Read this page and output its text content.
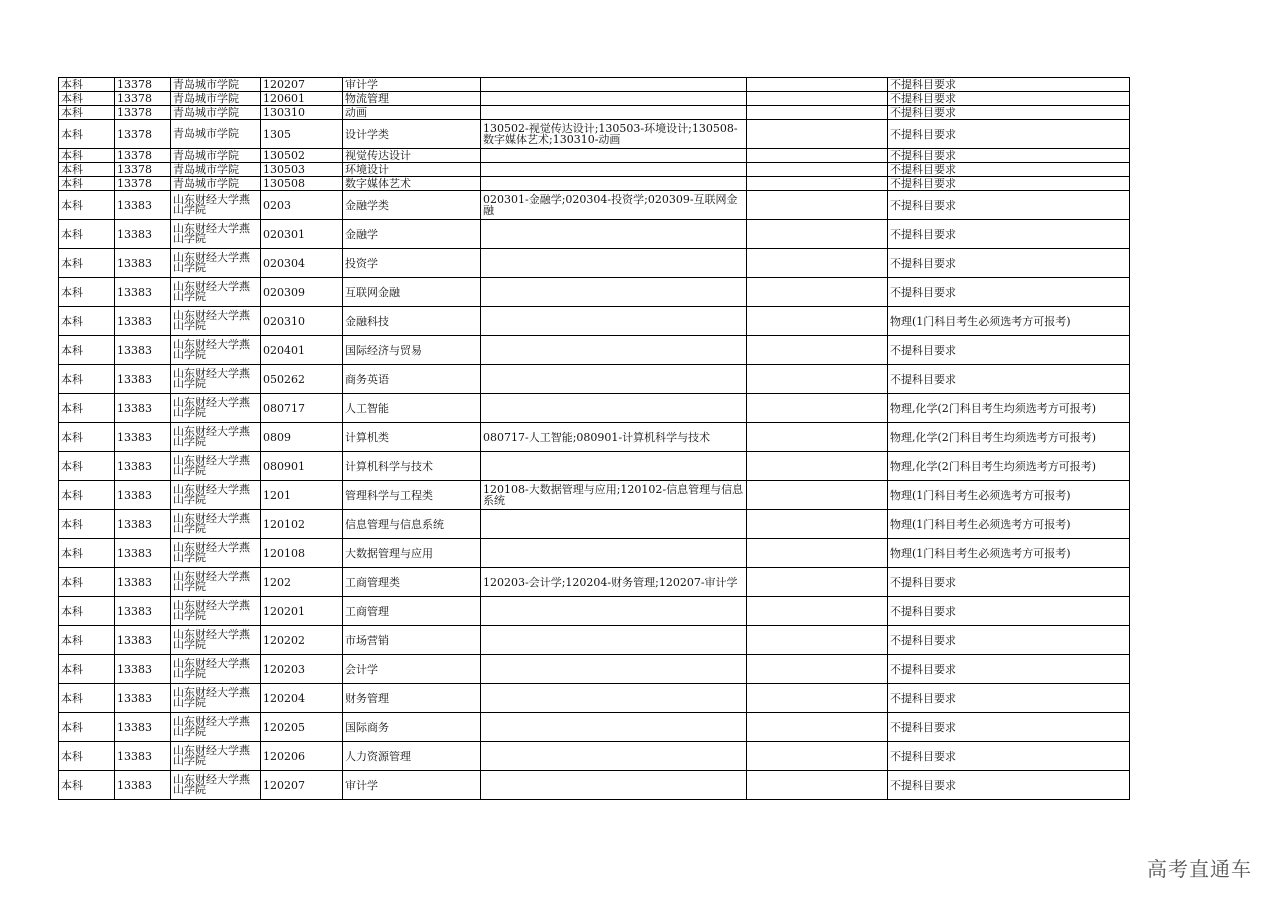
本科	13378	青岛城市学院	120207	审计学			不提科目要求
本科	13378	青岛城市学院	120601	物流管理			不提科目要求
本科	13378	青岛城市学院	130310	动画			不提科目要求
本科	13378	青岛城市学院	1305	设计学类	130502-视觉传达设计;130503-环境设计;130508-数字媒体艺术;130310-动画		不提科目要求
本科	13378	青岛城市学院	130502	视觉传达设计			不提科目要求
本科	13378	青岛城市学院	130503	环境设计			不提科目要求
本科	13378	青岛城市学院	130508	数字媒体艺术			不提科目要求
本科	13383	山东财经大学燕山学院	0203	金融学类	020301-金融学;020304-投资学;020309-互联网金融		不提科目要求
本科	13383	山东财经大学燕山学院	020301	金融学			不提科目要求
本科	13383	山东财经大学燕山学院	020304	投资学			不提科目要求
本科	13383	山东财经大学燕山学院	020309	互联网金融			不提科目要求
本科	13383	山东财经大学燕山学院	020310	金融科技			物理(1门科目考生必须选考方可报考)
本科	13383	山东财经大学燕山学院	020401	国际经济与贸易			不提科目要求
本科	13383	山东财经大学燕山学院	050262	商务英语			不提科目要求
本科	13383	山东财经大学燕山学院	080717	人工智能			物理,化学(2门科目考生均须选考方可报考)
本科	13383	山东财经大学燕山学院	0809	计算机类	080717-人工智能;080901-计算机科学与技术		物理,化学(2门科目考生均须选考方可报考)
本科	13383	山东财经大学燕山学院	080901	计算机科学与技术			物理,化学(2门科目考生均须选考方可报考)
本科	13383	山东财经大学燕山学院	1201	管理科学与工程类	120108-大数据管理与应用;120102-信息管理与信息系统		物理(1门科目考生必须选考方可报考)
本科	13383	山东财经大学燕山学院	120102	信息管理与信息系统			物理(1门科目考生必须选考方可报考)
本科	13383	山东财经大学燕山学院	120108	大数据管理与应用			物理(1门科目考生必须选考方可报考)
本科	13383	山东财经大学燕山学院	1202	工商管理类	120203-会计学;120204-财务管理;120207-审计学		不提科目要求
本科	13383	山东财经大学燕山学院	120201	工商管理			不提科目要求
本科	13383	山东财经大学燕山学院	120202	市场营销			不提科目要求
本科	13383	山东财经大学燕山学院	120203	会计学			不提科目要求
本科	13383	山东财经大学燕山学院	120204	财务管理			不提科目要求
本科	13383	山东财经大学燕山学院	120205	国际商务			不提科目要求
本科	13383	山东财经大学燕山学院	120206	人力资源管理			不提科目要求
本科	13383	山东财经大学燕山学院	120207	审计学			不提科目要求
高考直通车
